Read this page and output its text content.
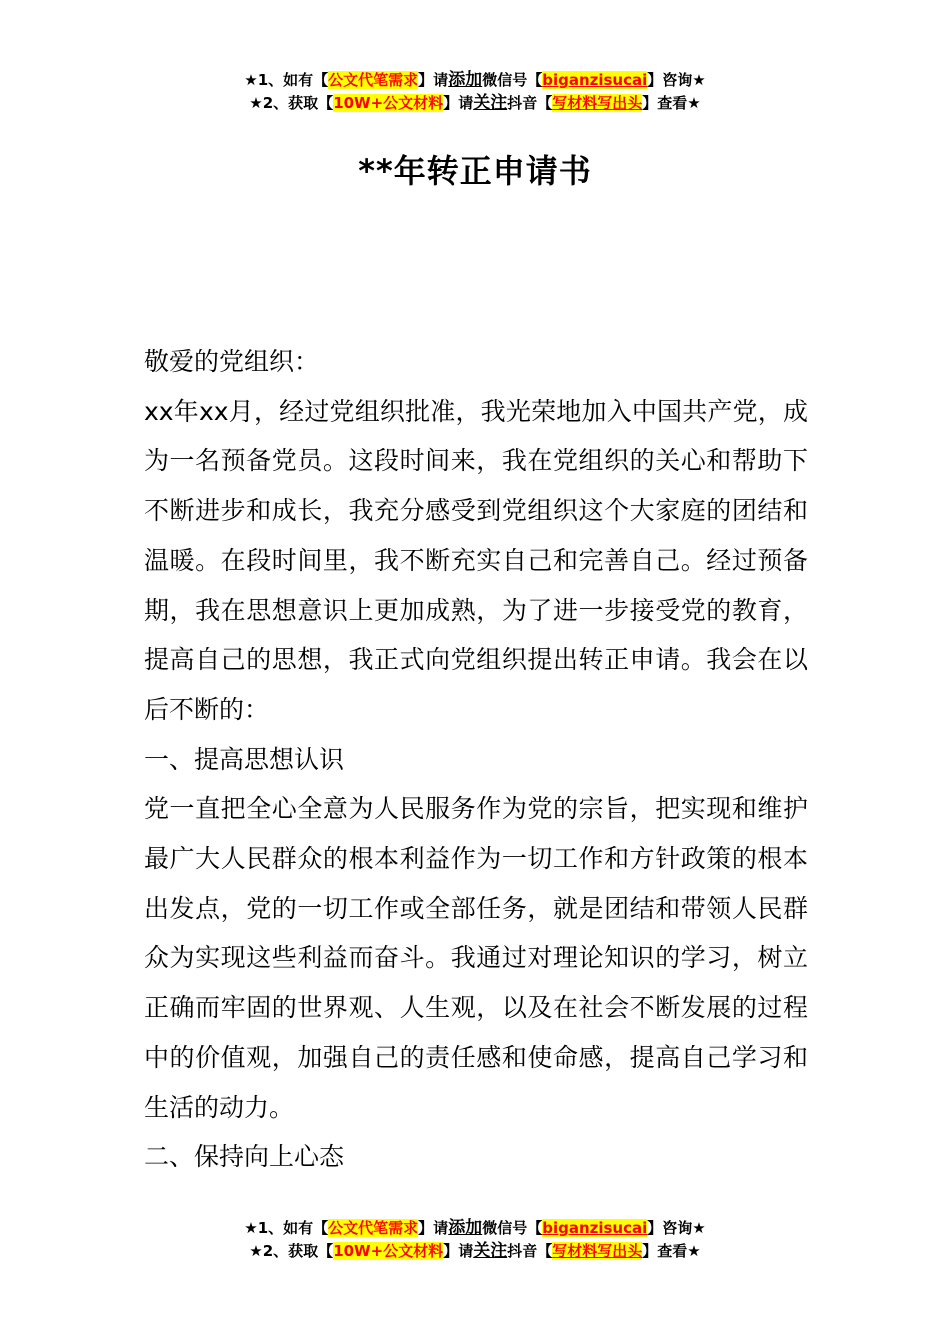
★1、如有【公文代笔需求】请添加微信号【biganzisucai】咨询★
★2、获取【10W+公文材料】请关注抖音【写材料写出头】查看★
**年转正申请书

敬爱的党组织：

xx年xx月，经过党组织批准，我光荣地加入中国共产党，成为一名预备党员。这段时间来，我在党组织的关心和帮助下不断进步和成长，我充分感受到党组织这个大家庭的团结和温暖。在段时间里，我不断充实自己和完善自己。经过预备期，我在思想意识上更加成熟，为了进一步接受党的教育，提高自己的思想，我正式向党组织提出转正申请。我会在以后不断的：

一、提高思想认识

党一直把全心全意为人民服务作为党的宗旨，把实现和维护最广大人民群众的根本利益作为一切工作和方针政策的根本出发点，党的一切工作或全部任务，就是团结和带领人民群众为实现这些利益而奋斗。我通过对理论知识的学习，树立正确而牢固的世界观、人生观，以及在社会不断发展的过程中的价值观，加强自己的责任感和使命感，提高自己学习和生活的动力。

二、保持向上心态

★1、如有【公文代笔需求】请添加微信号【biganzisucai】咨询★
★2、获取【10W+公文材料】请关注抖音【写材料写出头】查看★
